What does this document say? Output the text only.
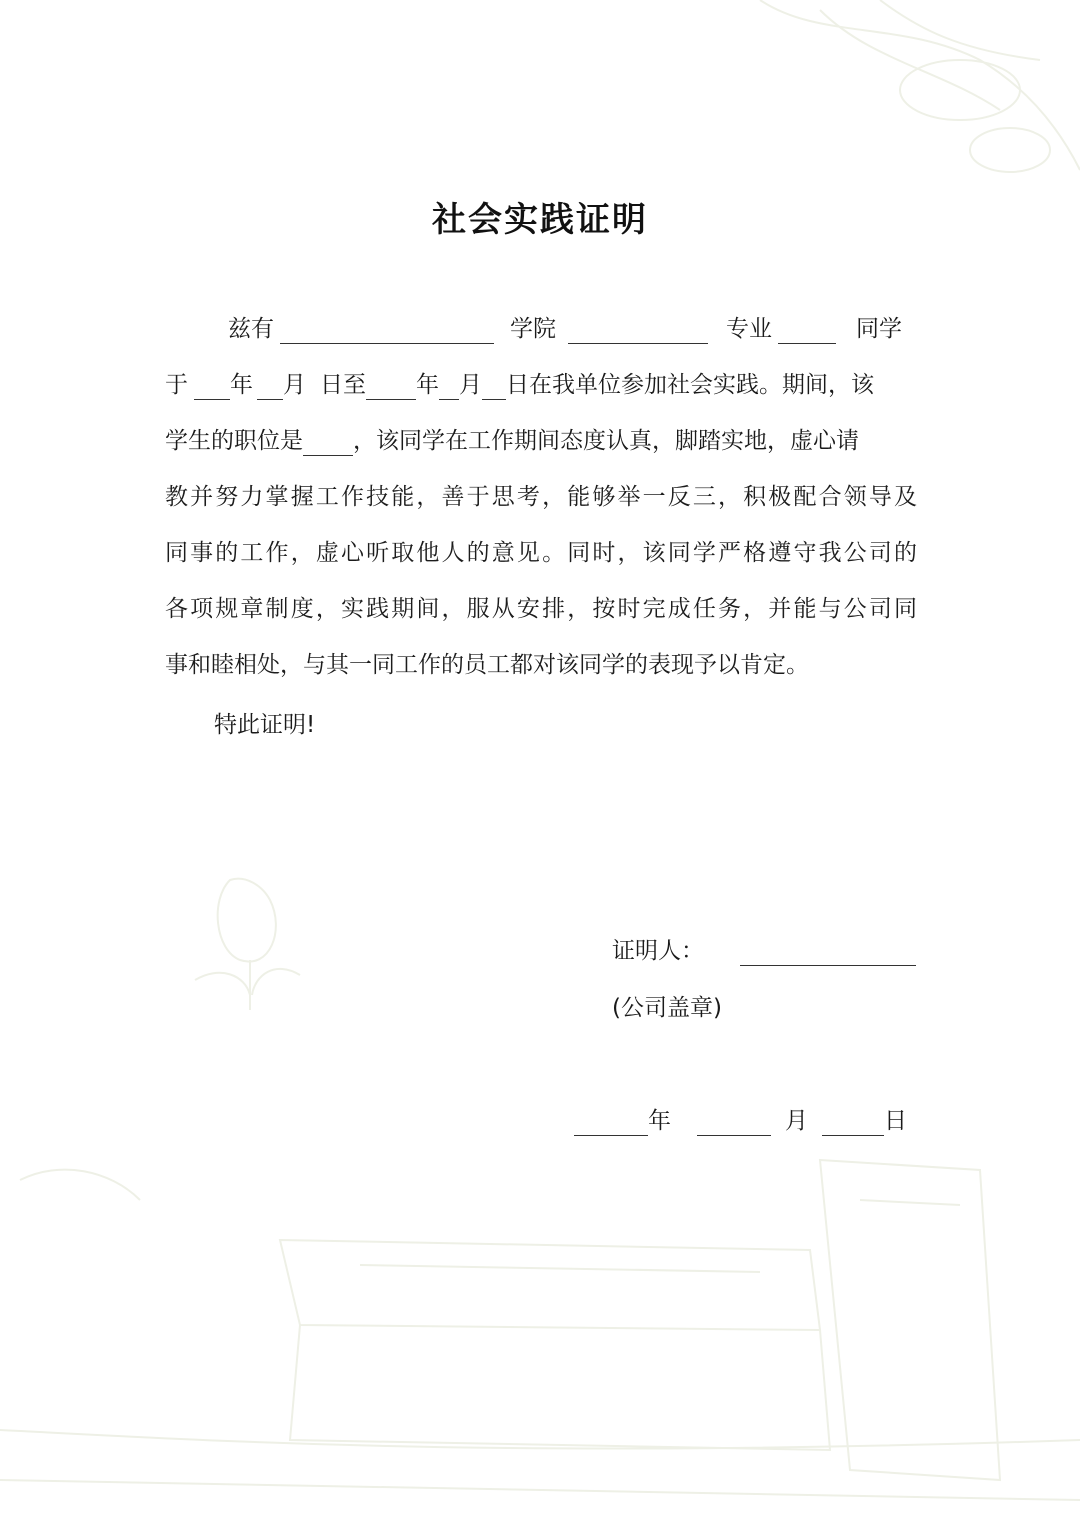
社会实践证明
兹有	学院	专业	同学
于 年 月 日至 年 月 日在我单位参加社会实践。期间，该
学生的职位是 ，该同学在工作期间态度认真，脚踏实地，虚心请
教并努力掌握工作技能，善于思考，能够举一反三，积极配合领导及
同事的工作，虚心听取他人的意见。同时，该同学严格遵守我公司的
各项规章制度，实践期间，服从安排，按时完成任务，并能与公司同
事和睦相处，与其一同工作的员工都对该同学的表现予以肯定。
特此证明!
证明人：
(公司盖章)
年	月	日
